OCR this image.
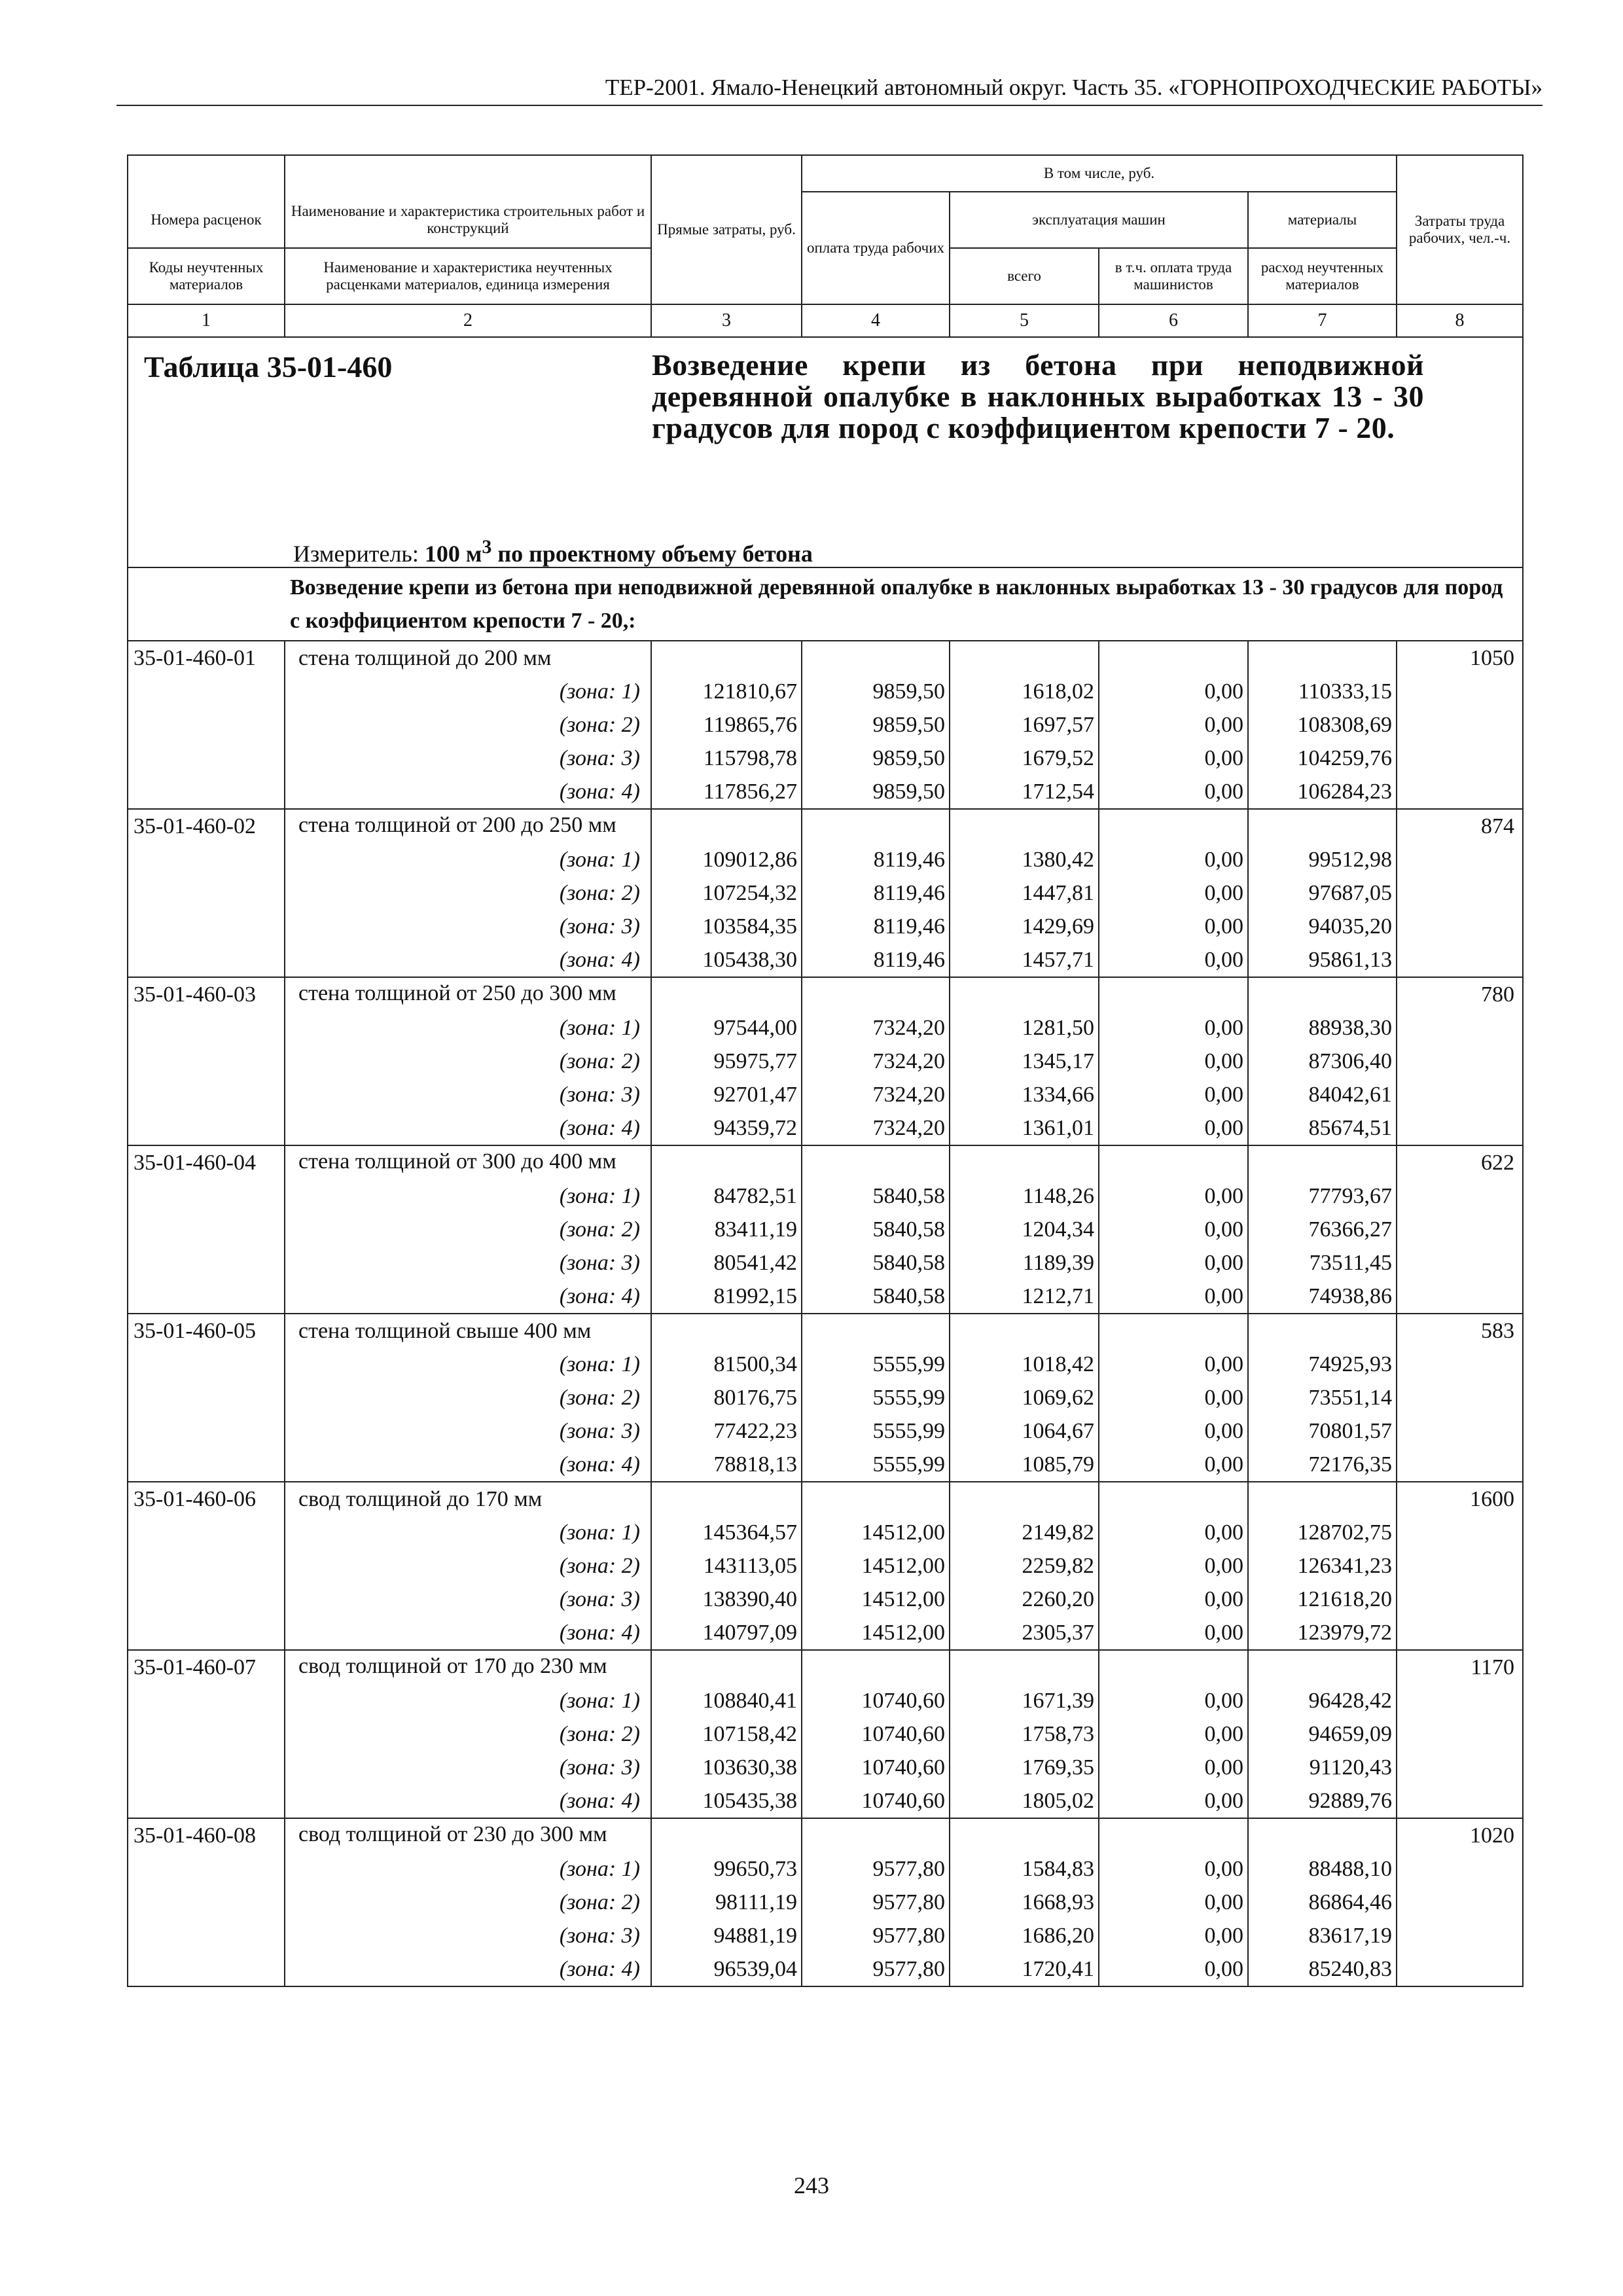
ТЕР-2001. Ямало-Ненецкий автономный округ. Часть 35. «ГОРНОПРОХОДЧЕСКИЕ РАБОТЫ»
		Прямые затраты, руб.	В том числе, руб.				Затраты труда рабочих, чел.-ч.
Номера расценок	Наименование и характеристика строительных работ и конструкций		оплата труда рабочих	эксплуатация машин		материалы	
Коды неучтенных материалов	Наименование и характеристика неучтенных расценками материалов, единица измерения			всего	в т.ч. оплата труда машинистов	расход неучтенных материалов	
1	2	3	4	5	6	7	8

Таблица 35-01-460 Возведение крепи из бетона при неподвижной деревянной опалубке в наклонных выработках 13 - 30 градусов для пород с коэффициентом крепости 7 - 20.
Измеритель: 100 $м^3$ по проектному объему бетона							

	Возведение крепи из бетона при неподвижной деревянной опалубке в наклонных выработках 13 - 30 градусов для пород с коэффициентом крепости 7 - 20,:						
35-01-460-01	стена толщиной до 200 мм						1050
	(зона: 1)	121810,67	9859,50	1618,02	0,00	110333,15	
	(зона: 2)	119865,76	9859,50	1697,57	0,00	108308,69	
	(зона: 3)	115798,78	9859,50	1679,52	0,00	104259,76	
	(зона: 4)	117856,27	9859,50	1712,54	0,00	106284,23	
35-01-460-02	стена толщиной от 200 до 250 мм						874
	(зона: 1)	109012,86	8119,46	1380,42	0,00	99512,98	
	(зона: 2)	107254,32	8119,46	1447,81	0,00	97687,05	
	(зона: 3)	103584,35	8119,46	1429,69	0,00	94035,20	
	(зона: 4)	105438,30	8119,46	1457,71	0,00	95861,13	
35-01-460-03	стена толщиной от 250 до 300 мм						780
	(зона: 1)	97544,00	7324,20	1281,50	0,00	88938,30	
	(зона: 2)	95975,77	7324,20	1345,17	0,00	87306,40	
	(зона: 3)	92701,47	7324,20	1334,66	0,00	84042,61	
	(зона: 4)	94359,72	7324,20	1361,01	0,00	85674,51	
35-01-460-04	стена толщиной от 300 до 400 мм						622
	(зона: 1)	84782,51	5840,58	1148,26	0,00	77793,67	
	(зона: 2)	83411,19	5840,58	1204,34	0,00	76366,27	
	(зона: 3)	80541,42	5840,58	1189,39	0,00	73511,45	
	(зона: 4)	81992,15	5840,58	1212,71	0,00	74938,86	
35-01-460-05	стена толщиной свыше 400 мм						583
	(зона: 1)	81500,34	5555,99	1018,42	0,00	74925,93	
	(зона: 2)	80176,75	5555,99	1069,62	0,00	73551,14	
	(зона: 3)	77422,23	5555,99	1064,67	0,00	70801,57	
	(зона: 4)	78818,13	5555,99	1085,79	0,00	72176,35	
35-01-460-06	свод толщиной до 170 мм						1600
	(зона: 1)	145364,57	14512,00	2149,82	0,00	128702,75	
	(зона: 2)	143113,05	14512,00	2259,82	0,00	126341,23	
	(зона: 3)	138390,40	14512,00	2260,20	0,00	121618,20	
	(зона: 4)	140797,09	14512,00	2305,37	0,00	123979,72	
35-01-460-07	свод толщиной от 170 до 230 мм						1170
	(зона: 1)	108840,41	10740,60	1671,39	0,00	96428,42	
	(зона: 2)	107158,42	10740,60	1758,73	0,00	94659,09	
	(зона: 3)	103630,38	10740,60	1769,35	0,00	91120,43	
	(зона: 4)	105435,38	10740,60	1805,02	0,00	92889,76	
35-01-460-08	свод толщиной от 230 до 300 мм						1020
	(зона: 1)	99650,73	9577,80	1584,83	0,00	88488,10	
	(зона: 2)	98111,19	9577,80	1668,93	0,00	86864,46	
	(зона: 3)	94881,19	9577,80	1686,20	0,00	83617,19	
	(зона: 4)	96539,04	9577,80	1720,41	0,00	85240,83	
243
